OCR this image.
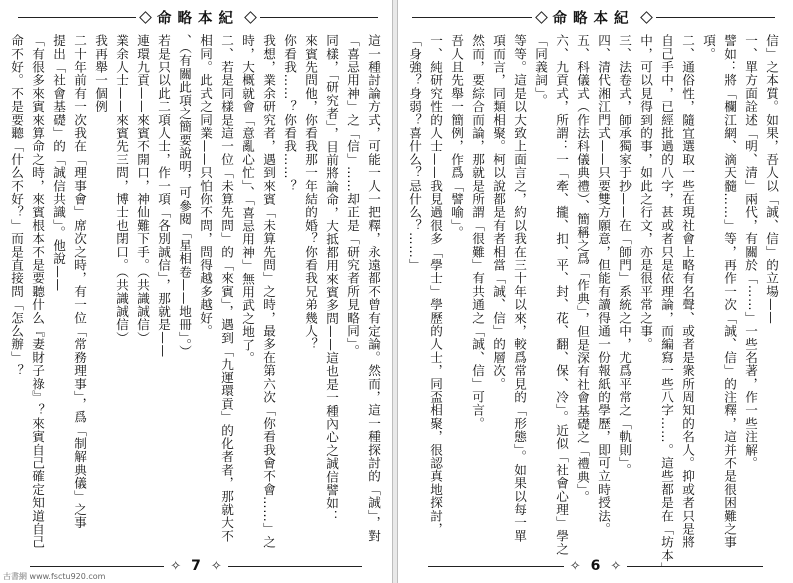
命略本紀
這一種討論方式，可能一人一把釋，永遠都不曾有定論。然而，這一種探討的「誠」，對
「喜忌用神」之「信」……却正是「研究者所見略同」。
同樣，「研究者」，目前將論命，大抵都用來賓多問——這也是一種內心之誠信譬如：
來賓先問他，你看我那一年結的婚？你看我兄弟幾人？
你看我……？你看我……？
我想，業余研究者，遇到來賓「未算先問」之時，最多在第六次「你看我會不會……」之
時，大概就會「意亂心忙」、「喜忌用神」無用武之地了。
二、若是同樣是這一位「未算先問」的「來賓」，遇到「九運環貢」的化者者，那就大不
相同。此式之同業——只怕你不問，問得越多越好。
、（有關此項之簡要說明，可參閱「星相卷——地冊」。）
若是只以此二項人士，作一項「各別誠信」，那就是——
連環九貢——來賓不開口，神仙難下手。（共識誠信）
業余人士——來賓先三問，博士也閉口。（共識誠信）
我再舉一個例
二十年前有一次我在「理事會」席次之時，有一位「常務理事」，爲「制解典儀」之事
提出「社會基礎」的「誠信共識」。他說——
「有很多來賓來算命之時，來賓根本不是要聽什么『妻財子祿』？來賓自己確定知道自己
命不好。不是要聽「什么不好？」而是直接問「怎么辦」？
✧ 7 ✧
古書網 www.fsctu920.com
命略本紀
信」之本質。如果，吾人以「誠、信」的立場——
一、單方面詮述「明、清」兩代，有關於「⋯⋯」一些名著，作一些注解。
譬如：將「欄江網、滴天髓……」等，再作一次「誠、信」的注釋，這并不是很困難之事
項。
二、通俗性，隨宜選取一些在現社會上略有名聲、或者是衆所周知的名人。抑或者只是將
自己手中，已經批過的八字，甚或者只是依理論，而編寫一些八字……。這些都是在「坊本」
中，可以見得到的事，如此之行文，亦是很平常之事。
三、法卷式，師承獨家于抄——在「師門」系統之中，尤爲平常之「軌則」。
四、清代湘江門式——只要雙方願意，但能有讀得通一份報紙的學歷，即可立時授法。
五、科儀式（作法科儀典禮）、簡稱之爲「作典」，但是深有社會基礎之「禮典」。
六、九貢式，所謂：一「牽、攏、扣、平、封、花、翻、保、冷」。近似「社會心理」學之
「同義詞」。
等等。這是以大致上面言之，約以我在三十年以來，較爲常見的「形態」。如果以每一單
項而言，同類相聚。柯以說都是有者相當「誠、信」的層次。
然而，要綜合而論，那就是所謂「很難」有共通之「誠、信」可言。
吾人且先舉一簡例，作爲「譬喻」。
一、純研究性的人士——我見過很多「學士」學歷的人士，同盃相聚，很認真地探討，
「身強？身弱？喜什么？忌什么？……」
✧ 6 ✧
